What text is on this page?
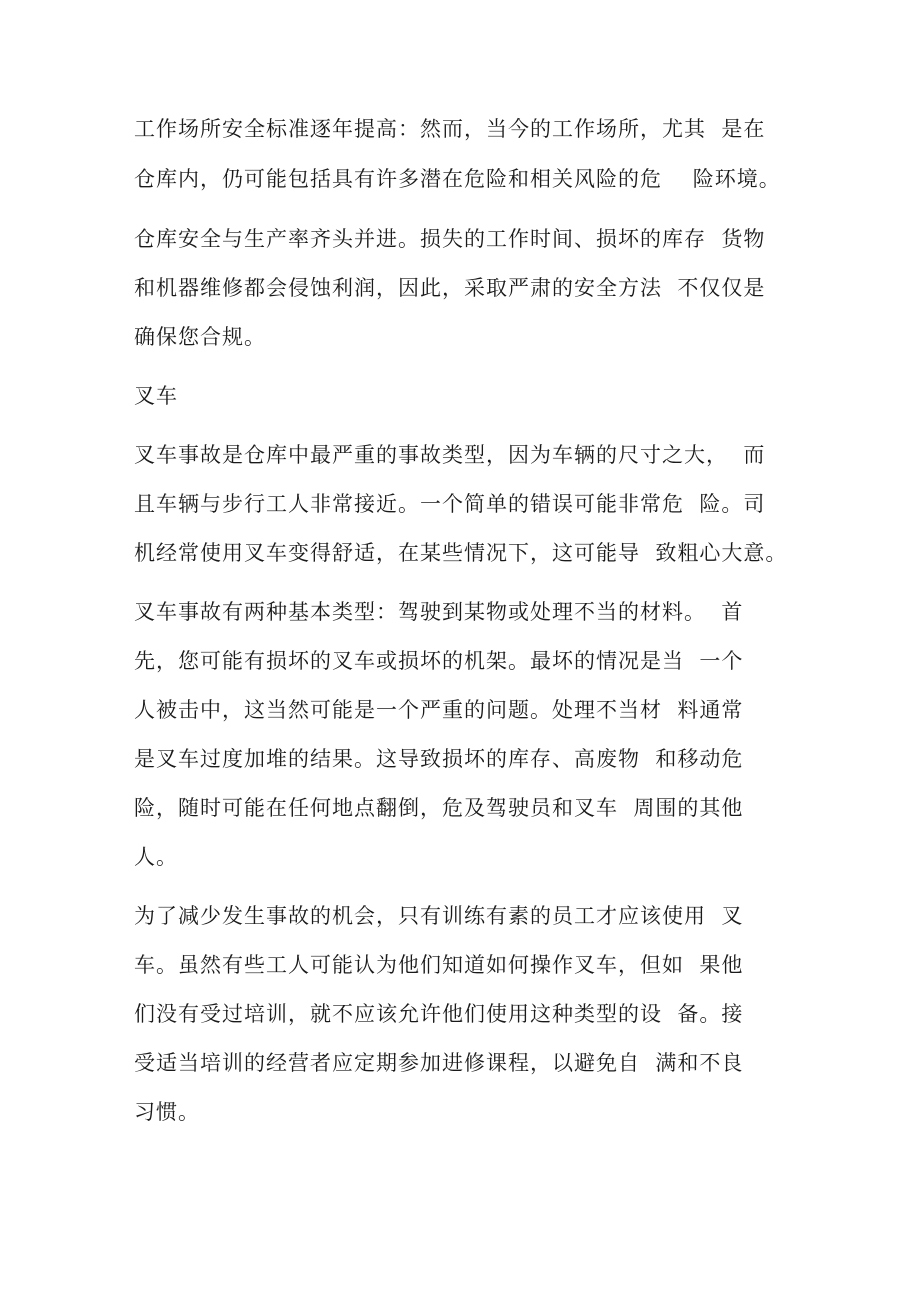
工作场所安全标准逐年提高：然而，当今的工作场所，尤其  是在
仓库内，仍可能包括具有许多潜在危险和相关风险的危    险环境。
仓库安全与生产率齐头并进。损失的工作时间、损坏的库存  货物
和机器维修都会侵蚀利润，因此，采取严肃的安全方法  不仅仅是
确保您合规。
叉车
叉车事故是仓库中最严重的事故类型，因为车辆的尺寸之大，  而
且车辆与步行工人非常接近。一个简单的错误可能非常危  险。司
机经常使用叉车变得舒适，在某些情况下，这可能导  致粗心大意。
叉车事故有两种基本类型：驾驶到某物或处理不当的材料。  首
先，您可能有损坏的叉车或损坏的机架。最坏的情况是当  一个
人被击中，这当然可能是一个严重的问题。处理不当材  料通常
是叉车过度加堆的结果。这导致损坏的库存、高废物  和移动危
险，随时可能在任何地点翻倒，危及驾驶员和叉车  周围的其他
人。
为了减少发生事故的机会，只有训练有素的员工才应该使用  叉
车。虽然有些工人可能认为他们知道如何操作叉车，但如  果他
们没有受过培训，就不应该允许他们使用这种类型的设  备。接
受适当培训的经营者应定期参加进修课程，以避免自  满和不良
习惯。
